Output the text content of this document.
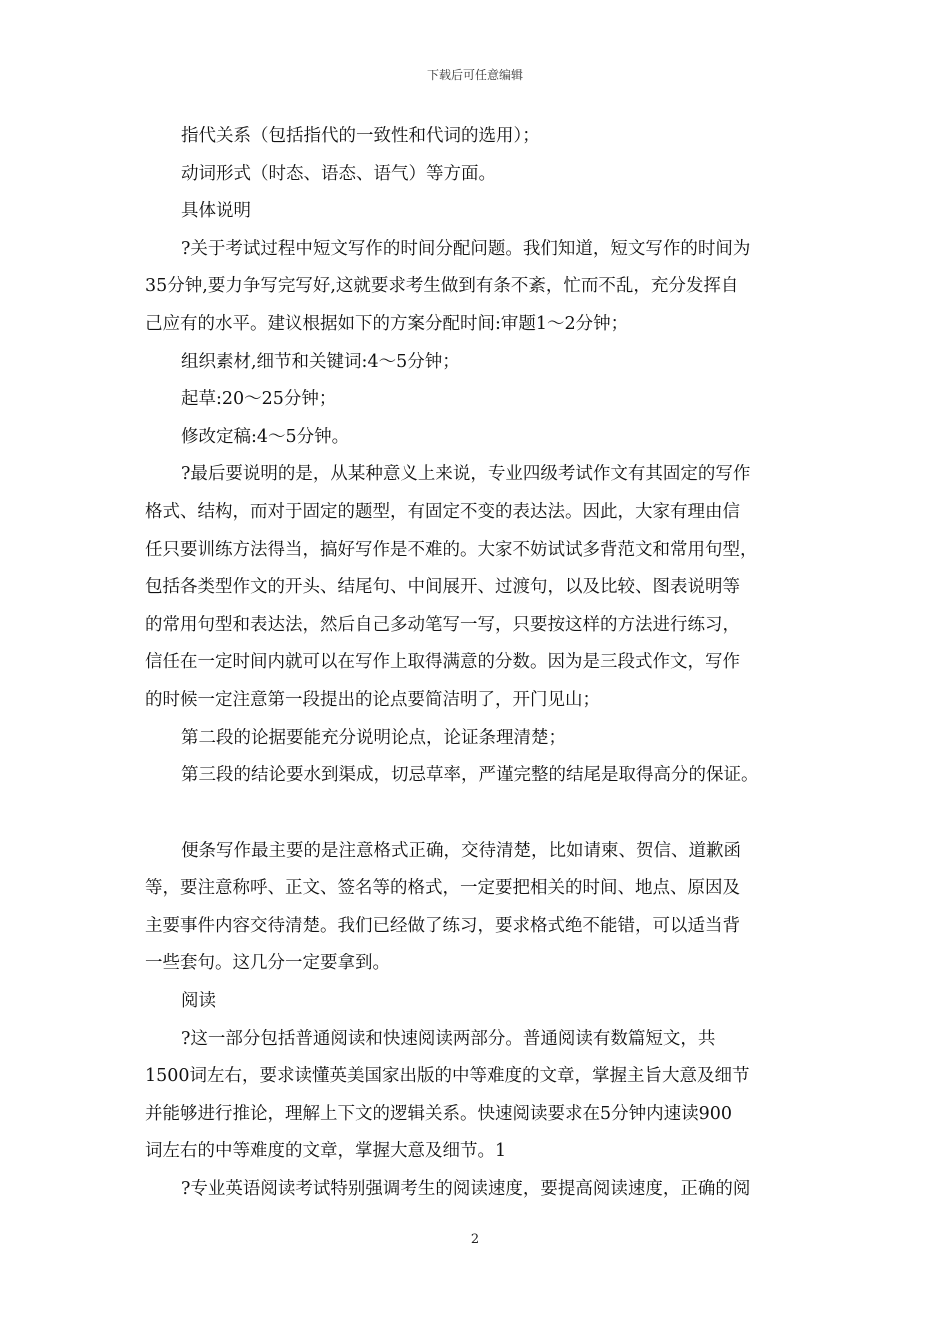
下载后可任意编辑
指代关系（包括指代的一致性和代词的选用）；
动词形式（时态、语态、语气）等方面。
具体说明
?关于考试过程中短文写作的时间分配问题。我们知道，短文写作的时间为
35分钟,要力争写完写好,这就要求考生做到有条不紊，忙而不乱，充分发挥自
己应有的水平。建议根据如下的方案分配时间:审题1～2分钟；
组织素材,细节和关键词:4～5分钟；
起草:20～25分钟；
修改定稿:4～5分钟。
?最后要说明的是，从某种意义上来说，专业四级考试作文有其固定的写作
格式、结构，而对于固定的题型，有固定不变的表达法。因此，大家有理由信
任只要训练方法得当，搞好写作是不难的。大家不妨试试多背范文和常用句型，
包括各类型作文的开头、结尾句、中间展开、过渡句，以及比较、图表说明等
的常用句型和表达法，然后自己多动笔写一写，只要按这样的方法进行练习，
信任在一定时间内就可以在写作上取得满意的分数。因为是三段式作文，写作
的时候一定注意第一段提出的论点要简洁明了，开门见山；
第二段的论据要能充分说明论点，论证条理清楚；
第三段的结论要水到渠成，切忌草率，严谨完整的结尾是取得高分的保证。
便条写作最主要的是注意格式正确，交待清楚，比如请柬、贺信、道歉函
等，要注意称呼、正文、签名等的格式，一定要把相关的时间、地点、原因及
主要事件内容交待清楚。我们已经做了练习，要求格式绝不能错，可以适当背
一些套句。这几分一定要拿到。
阅读
?这一部分包括普通阅读和快速阅读两部分。普通阅读有数篇短文，共
1500词左右，要求读懂英美国家出版的中等难度的文章，掌握主旨大意及细节
并能够进行推论，理解上下文的逻辑关系。快速阅读要求在5分钟内速读900
词左右的中等难度的文章，掌握大意及细节。1
?专业英语阅读考试特别强调考生的阅读速度，要提高阅读速度，正确的阅
2
